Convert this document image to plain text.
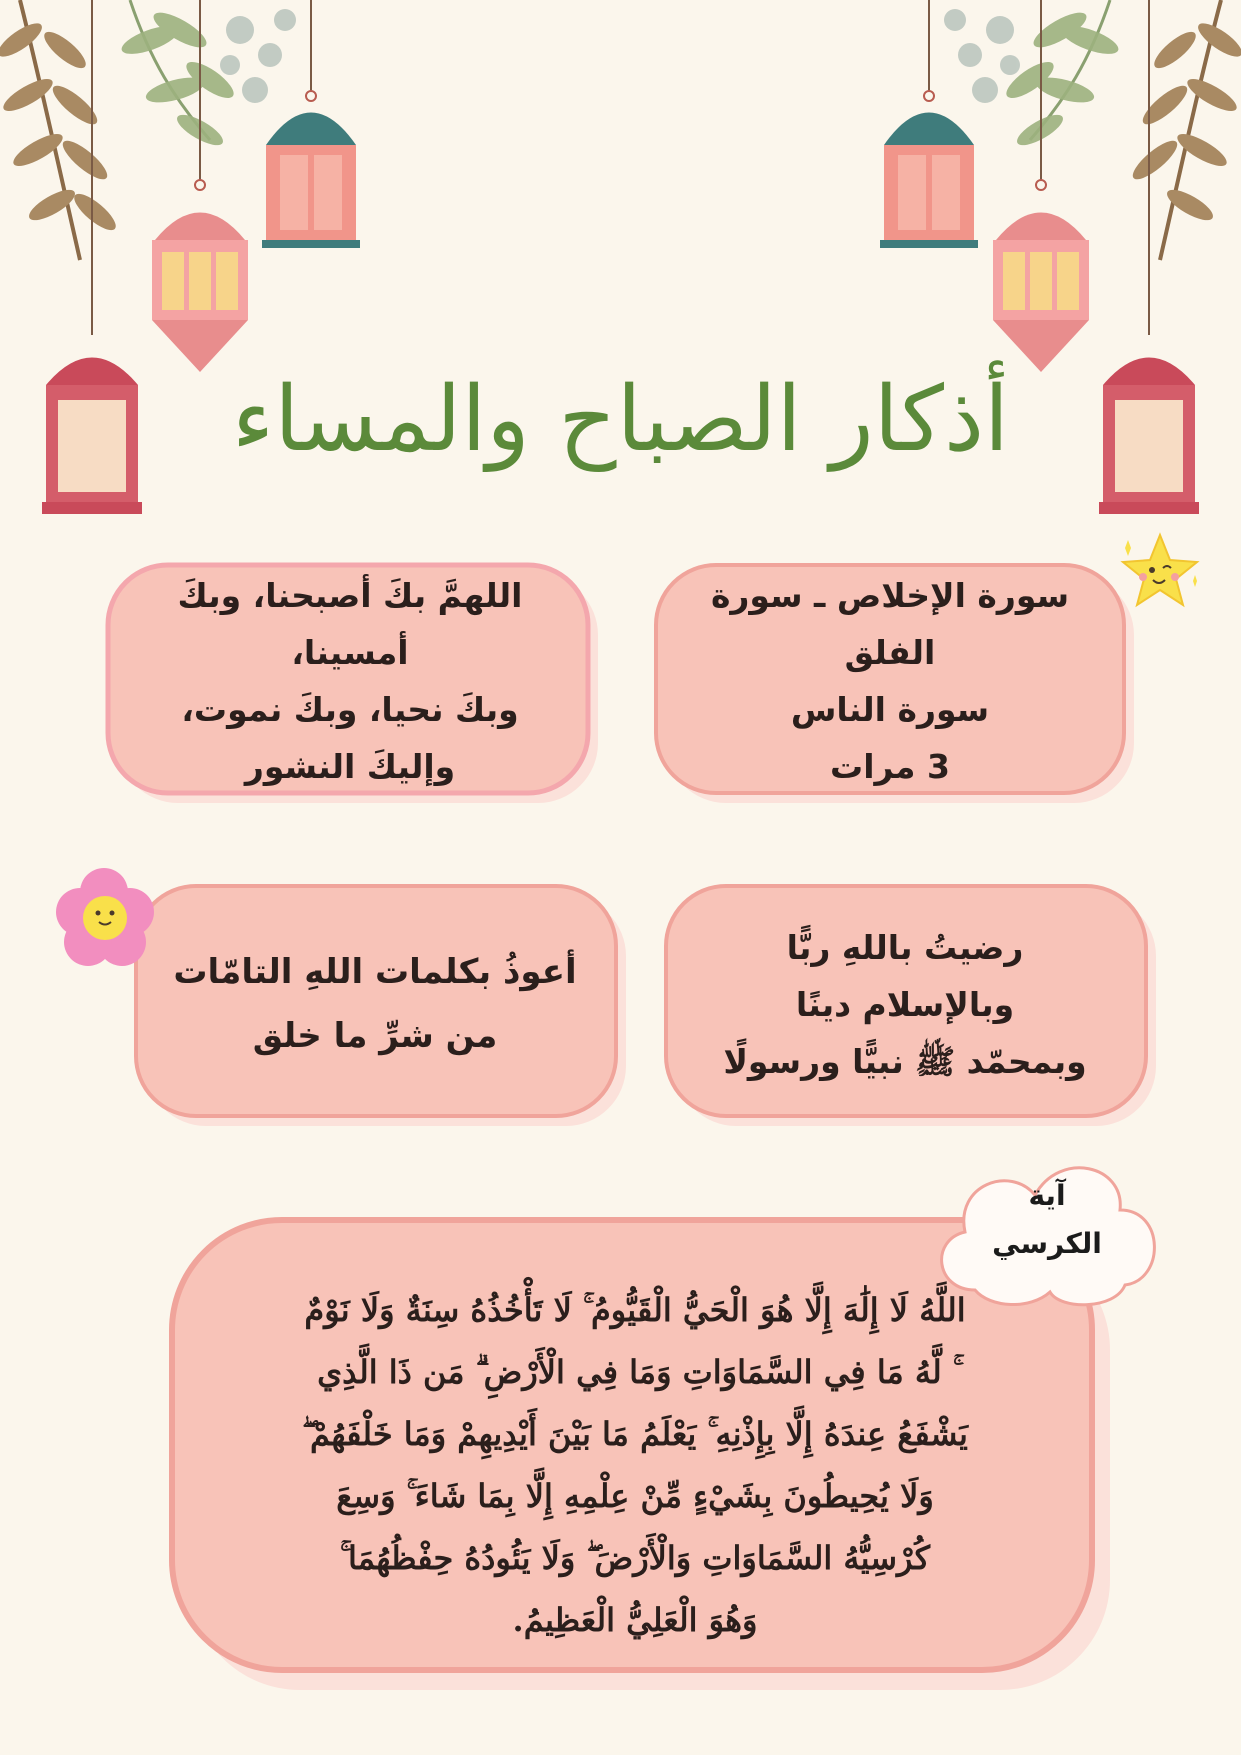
أذكار الصباح والمساء
سورة الإخلاص ـ سورة الفلق
سورة الناس
3 مرات
اللهمَّ بكَ أصبحنا، وبكَ أمسينا،
وبكَ نحيا، وبكَ نموت،
وإليكَ النشور
رضيتُ باللهِ ربًّا
وبالإسلام دينًا
وبمحمّد ﷺ نبيًّا ورسولًا
أعوذُ بكلمات اللهِ التامّات
من شرِّ ما خلق
آية
الكرسي
اللَّهُ لَا إِلَٰهَ إِلَّا هُوَ الْحَيُّ الْقَيُّومُ ۚ لَا تَأْخُذُهُ سِنَةٌ وَلَا نَوْمٌ
ۚ لَّهُ مَا فِي السَّمَاوَاتِ وَمَا فِي الْأَرْضِ ۗ مَن ذَا الَّذِي
يَشْفَعُ عِندَهُ إِلَّا بِإِذْنِهِ ۚ يَعْلَمُ مَا بَيْنَ أَيْدِيهِمْ وَمَا خَلْفَهُمْ ۖ
وَلَا يُحِيطُونَ بِشَيْءٍ مِّنْ عِلْمِهِ إِلَّا بِمَا شَاءَ ۚ وَسِعَ
كُرْسِيُّهُ السَّمَاوَاتِ وَالْأَرْضَ ۖ وَلَا يَئُودُهُ حِفْظُهُمَا ۚ
وَهُوَ الْعَلِيُّ الْعَظِيمُ.
